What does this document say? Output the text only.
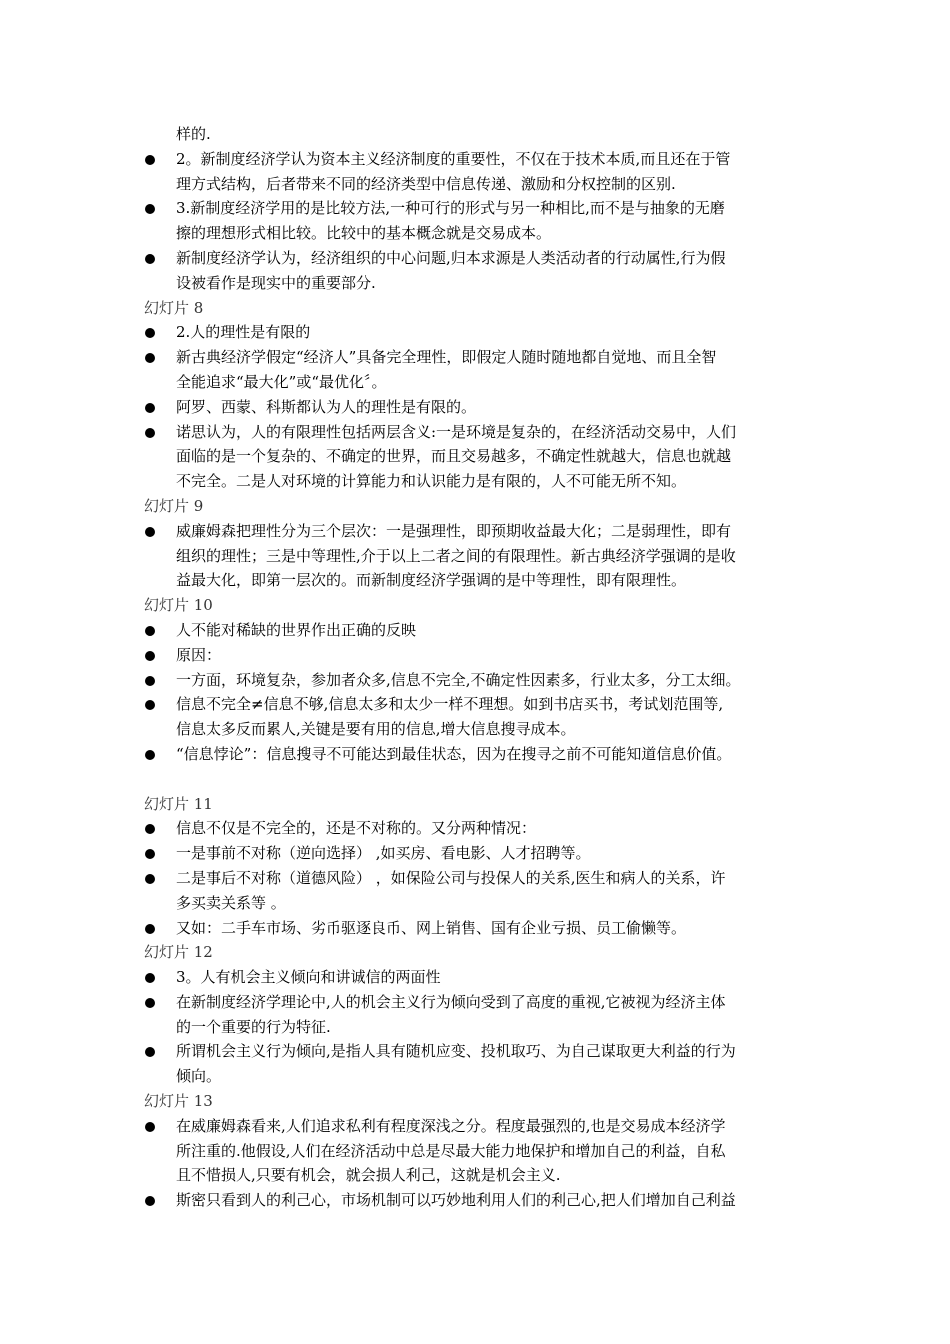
样的.
2。新制度经济学认为资本主义经济制度的重要性，不仅在于技术本质,而且还在于管
理方式结构，后者带来不同的经济类型中信息传递、激励和分权控制的区别.
3.新制度经济学用的是比较方法,一种可行的形式与另一种相比,而不是与抽象的无磨
擦的理想形式相比较。比较中的基本概念就是交易成本。
新制度经济学认为，经济组织的中心问题,归本求源是人类活动者的行动属性,行为假
设被看作是现实中的重要部分.
幻灯片 8
2.人的理性是有限的
新古典经济学假定“经济人”具备完全理性，即假定人随时随地都自觉地、而且全智
全能追求“最大化”或“最优化〞。
阿罗、西蒙、科斯都认为人的理性是有限的。
诺思认为，人的有限理性包括两层含义:一是环境是复杂的，在经济活动交易中，人们
面临的是一个复杂的、不确定的世界，而且交易越多，不确定性就越大，信息也就越
不完全。二是人对环境的计算能力和认识能力是有限的，人不可能无所不知。
幻灯片 9
威廉姆森把理性分为三个层次：一是强理性，即预期收益最大化；二是弱理性，即有
组织的理性；三是中等理性,介于以上二者之间的有限理性。新古典经济学强调的是收
益最大化，即第一层次的。而新制度经济学强调的是中等理性，即有限理性。
幻灯片 10
人不能对稀缺的世界作出正确的反映
原因：
一方面，环境复杂，参加者众多,信息不完全,不确定性因素多，行业太多，分工太细。
信息不完全≠信息不够,信息太多和太少一样不理想。如到书店买书，考试划范围等,
信息太多反而累人,关键是要有用的信息,增大信息搜寻成本。
“信息悖论”：信息搜寻不可能达到最佳状态，因为在搜寻之前不可能知道信息价值。
幻灯片 11
信息不仅是不完全的，还是不对称的。又分两种情况：
一是事前不对称（逆向选择） ,如买房、看电影、人才招聘等。
二是事后不对称（道德风险） ，如保险公司与投保人的关系,医生和病人的关系，许
多买卖关系等 。
又如：二手车市场、劣币驱逐良币、网上销售、国有企业亏损、员工偷懒等。
幻灯片 12
3。人有机会主义倾向和讲诚信的两面性
在新制度经济学理论中,人的机会主义行为倾向受到了高度的重视,它被视为经济主体
的一个重要的行为特征.
所谓机会主义行为倾向,是指人具有随机应变、投机取巧、为自己谋取更大利益的行为
倾向。
幻灯片 13
在威廉姆森看来,人们追求私利有程度深浅之分。程度最强烈的,也是交易成本经济学
所注重的.他假设,人们在经济活动中总是尽最大能力地保护和增加自己的利益，自私
且不惜损人,只要有机会，就会损人利己，这就是机会主义.
斯密只看到人的利己心，市场机制可以巧妙地利用人们的利己心,把人们增加自己利益
